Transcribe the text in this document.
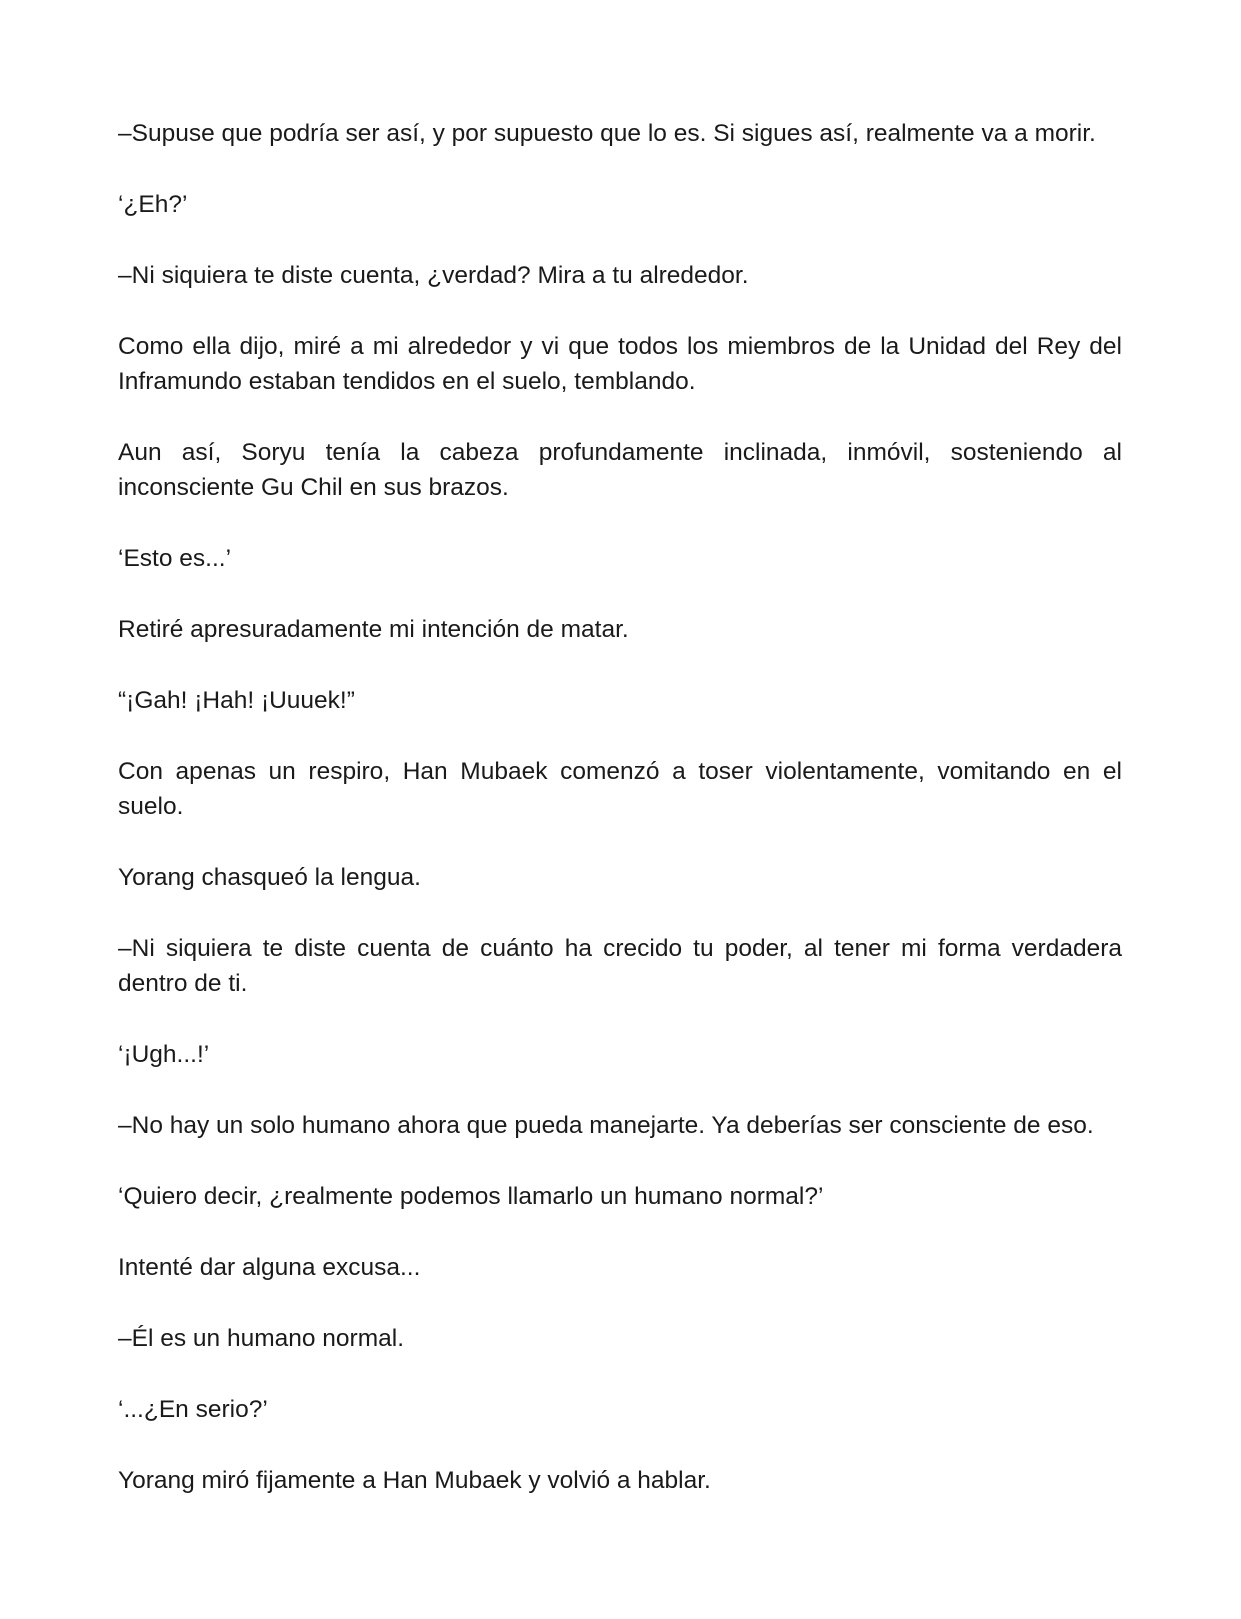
–Supuse que podría ser así, y por supuesto que lo es. Si sigues así, realmente va a morir.

‘¿Eh?’

–Ni siquiera te diste cuenta, ¿verdad? Mira a tu alrededor.

Como ella dijo, miré a mi alrededor y vi que todos los miembros de la Unidad del Rey del Inframundo estaban tendidos en el suelo, temblando.

Aun así, Soryu tenía la cabeza profundamente inclinada, inmóvil, sosteniendo al inconsciente Gu Chil en sus brazos.

‘Esto es...’

Retiré apresuradamente mi intención de matar.

“¡Gah! ¡Hah! ¡Uuuek!”

Con apenas un respiro, Han Mubaek comenzó a toser violentamente, vomitando en el suelo.

Yorang chasqueó la lengua.

–Ni siquiera te diste cuenta de cuánto ha crecido tu poder, al tener mi forma verdadera dentro de ti.

‘¡Ugh...!’

–No hay un solo humano ahora que pueda manejarte. Ya deberías ser consciente de eso.

‘Quiero decir, ¿realmente podemos llamarlo un humano normal?’

Intenté dar alguna excusa...

–Él es un humano normal.

‘...¿En serio?’

Yorang miró fijamente a Han Mubaek y volvió a hablar.
